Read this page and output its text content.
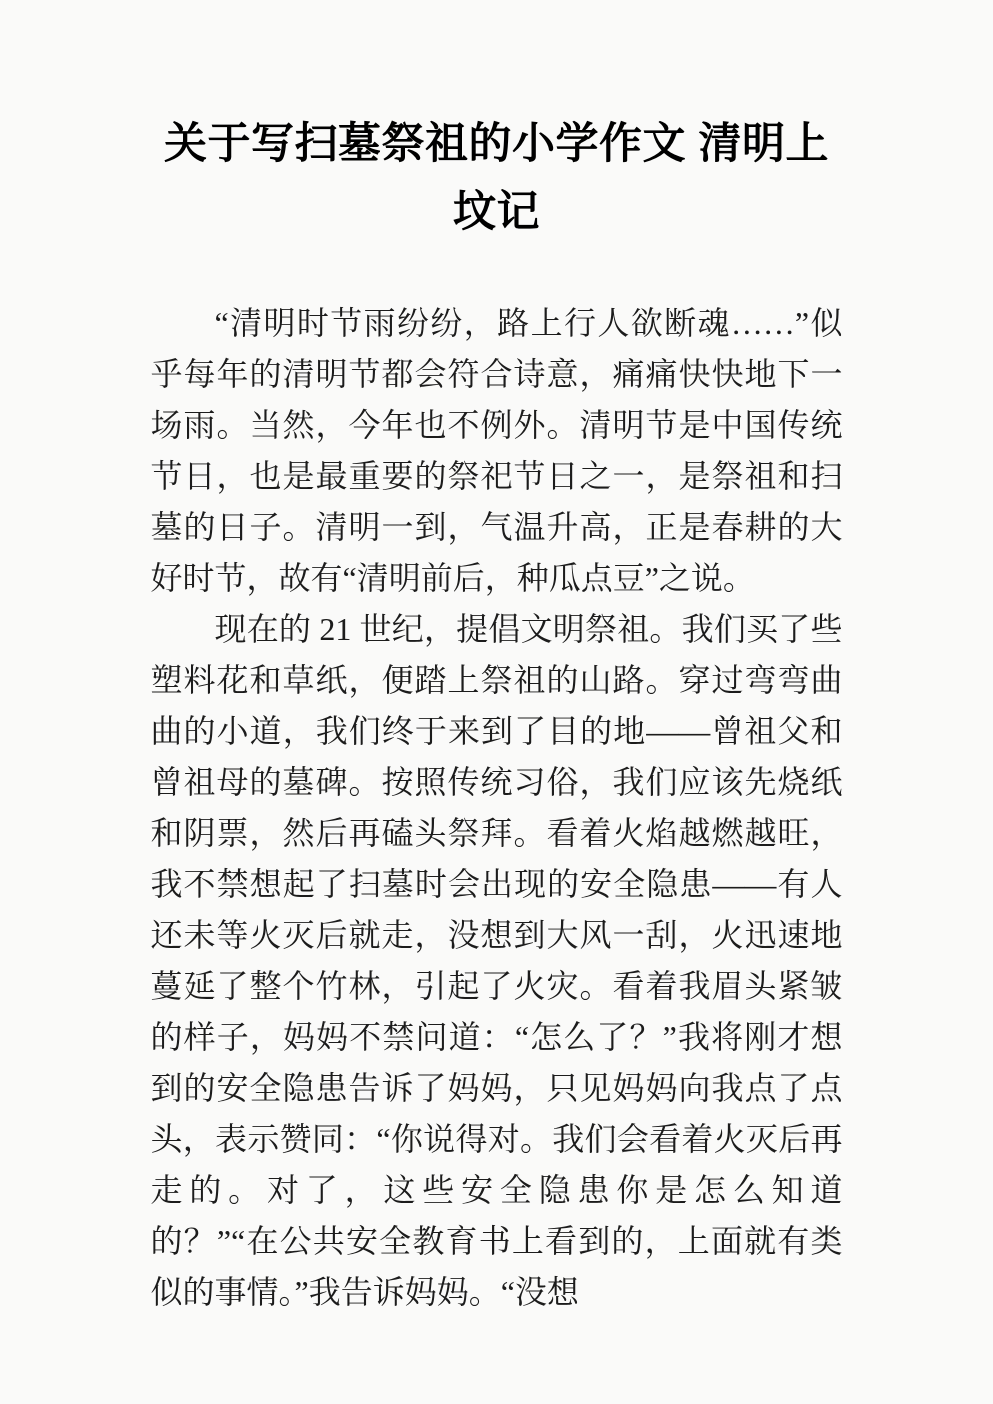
关于写扫墓祭祖的小学作文 清明上坟记

“清明时节雨纷纷，路上行人欲断魂……”似乎每年的清明节都会符合诗意，痛痛快快地下一场雨。当然，今年也不例外。清明节是中国传统节日，也是最重要的祭祀节日之一，是祭祖和扫墓的日子。清明一到，气温升高，正是春耕的大好时节，故有“清明前后，种瓜点豆”之说。

现在的 21 世纪，提倡文明祭祖。我们买了些塑料花和草纸，便踏上祭祖的山路。穿过弯弯曲曲的小道，我们终于来到了目的地——曾祖父和曾祖母的墓碑。按照传统习俗，我们应该先烧纸和阴票，然后再磕头祭拜。看着火焰越燃越旺，我不禁想起了扫墓时会出现的安全隐患——有人还未等火灭后就走，没想到大风一刮，火迅速地蔓延了整个竹林，引起了火灾。看着我眉头紧皱的样子，妈妈不禁问道：“怎么了？”我将刚才想到的安全隐患告诉了妈妈，只见妈妈向我点了点头，表示赞同：“你说得对。我们会看着火灭后再走的。对了，这些安全隐患你是怎么知道的？”“在公共安全教育书上看到的，上面就有类似的事情。”我告诉妈妈。“没想
